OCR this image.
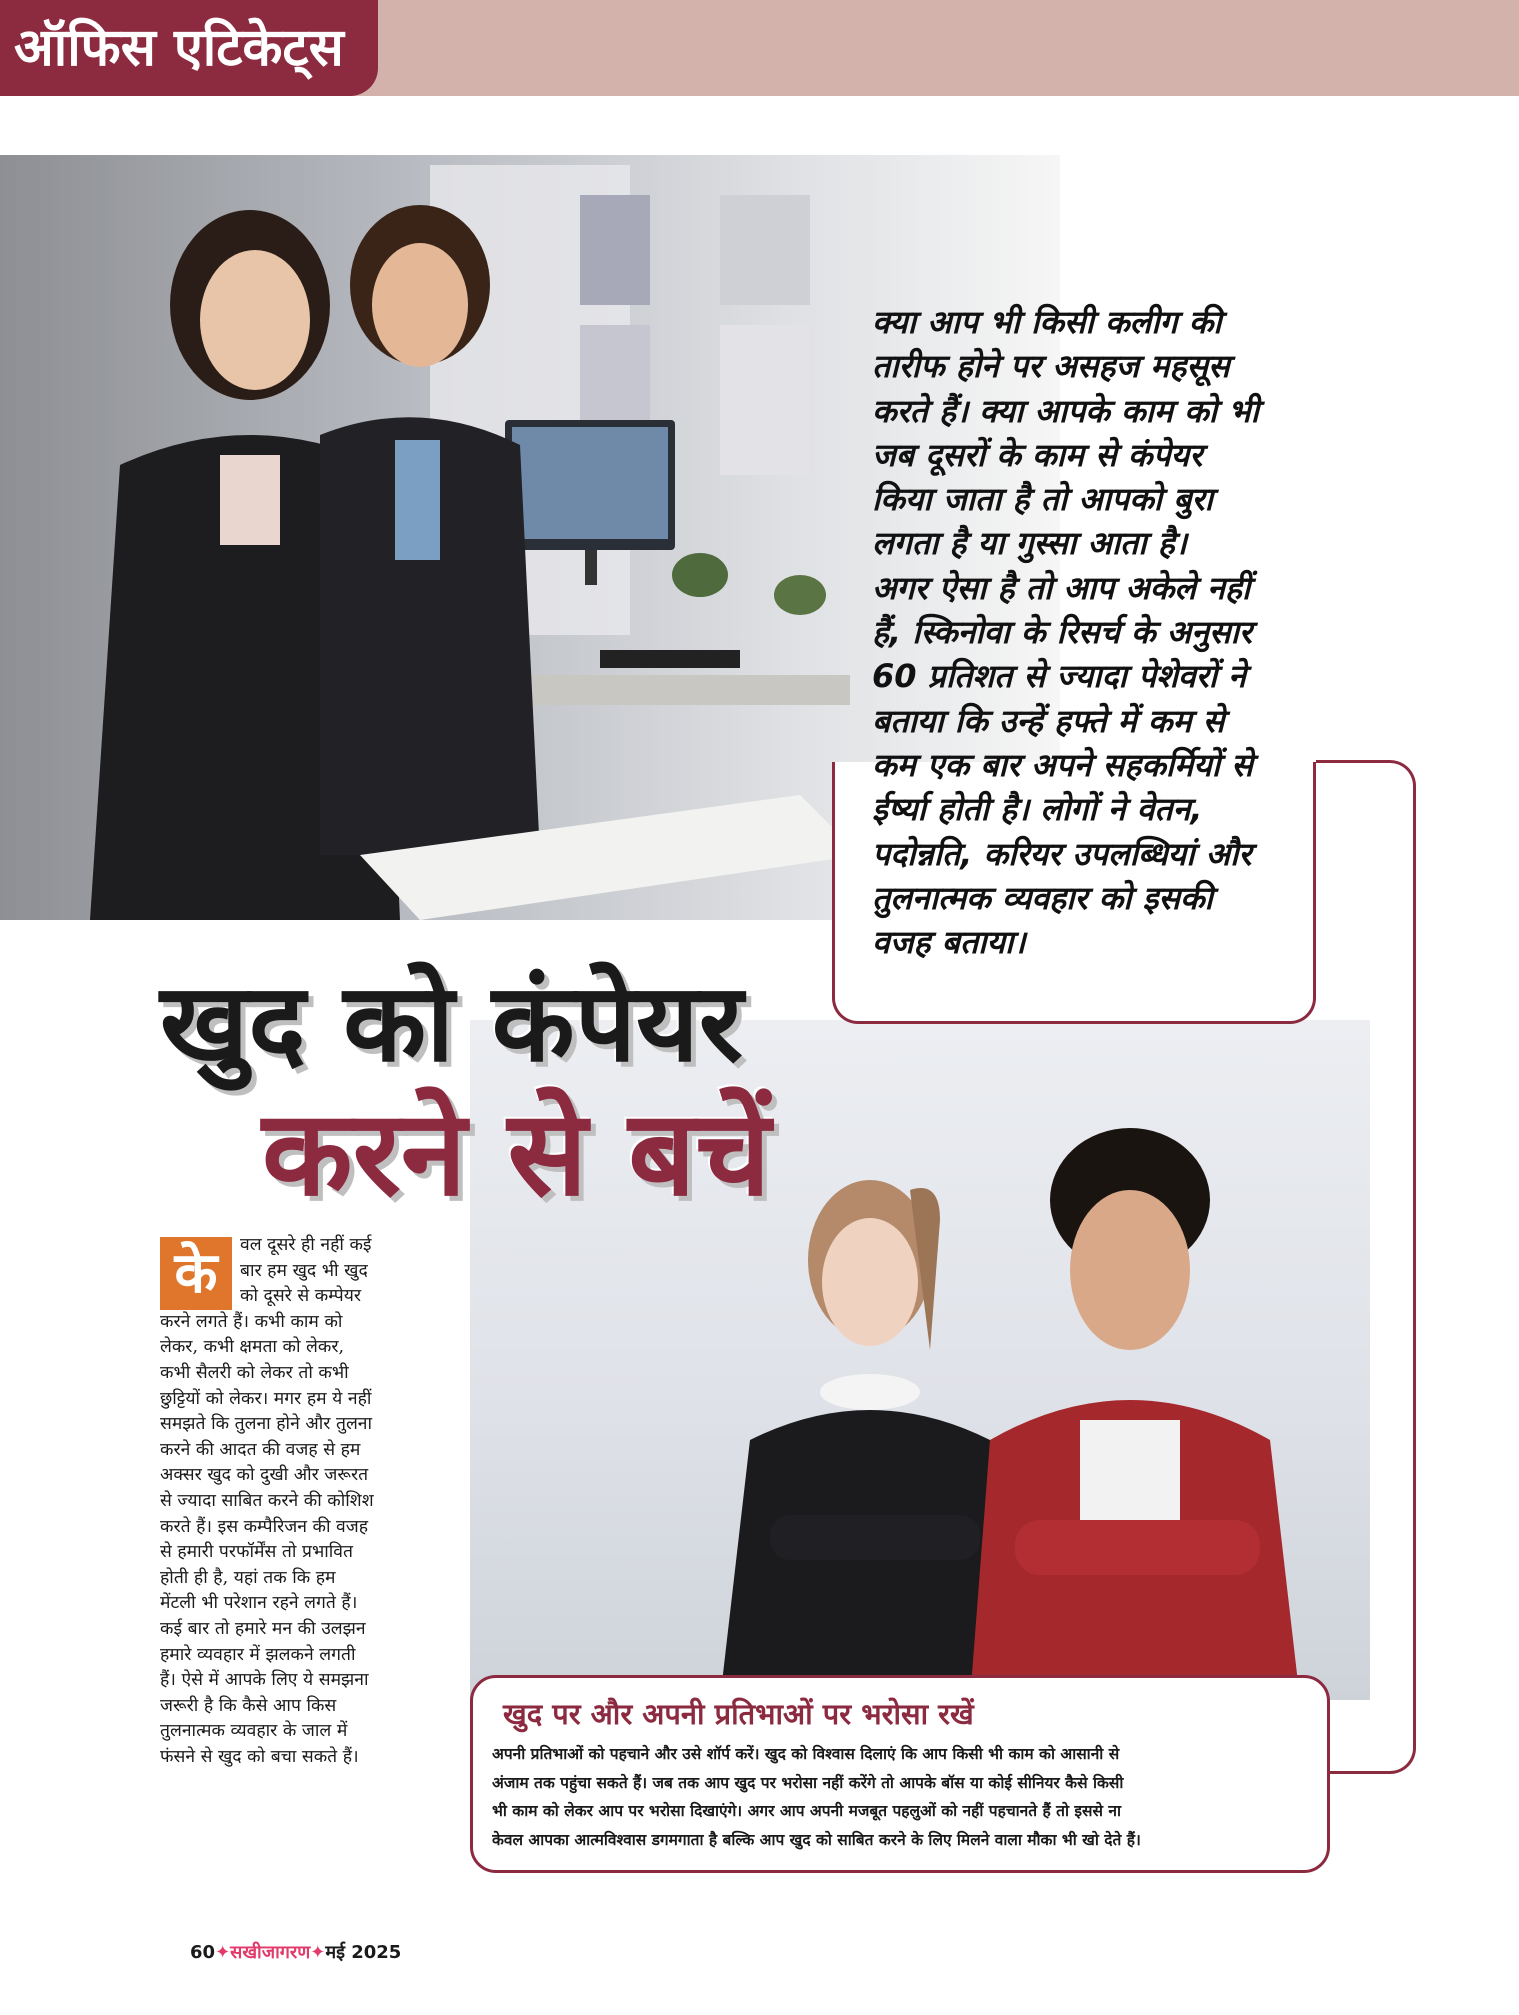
ऑफिस एटिकेट्स
क्या आप भी किसी कलीग की
तारीफ होने पर असहज महसूस
करते हैं। क्या आपके काम को भी
जब दूसरों के काम से कंपेयर
किया जाता है तो आपको बुरा
लगता है या गुस्सा आता है।
अगर ऐसा है तो आप अकेले नहीं
हैं, स्किनोवा के रिसर्च के अनुसार
60 प्रतिशत से ज्यादा पेशेवरों ने
बताया कि उन्हें हफ्ते में कम से
कम एक बार अपने सहकर्मियों से
ईर्ष्या होती है। लोगों ने वेतन,
पदोन्नति, करियर उपलब्धियां और
तुलनात्मक व्यवहार को इसकी
वजह बताया।
खुद को कंपेयर
करने से बचें
के	वल दूसरे ही नहीं कई
बार हम खुद भी खुद
को दूसरे से कम्पेयर
करने लगते हैं। कभी काम को
लेकर, कभी क्षमता को लेकर,
कभी सैलरी को लेकर तो कभी
छुट्टियों को लेकर। मगर हम ये नहीं
समझते कि तुलना होने और तुलना
करने की आदत की वजह से हम
अक्सर खुद को दुखी और जरूरत
से ज्यादा साबित करने की कोशिश
करते हैं। इस कम्पैरिजन की वजह
से हमारी परफॉर्मेंस तो प्रभावित
होती ही है, यहां तक कि हम
मेंटली भी परेशान रहने लगते हैं।
कई बार तो हमारे मन की उलझन
हमारे व्यवहार में झलकने लगती
हैं। ऐसे में आपके लिए ये समझना
जरूरी है कि कैसे आप किस
तुलनात्मक व्यवहार के जाल में
फंसने से खुद को बचा सकते हैं।
खुद पर और अपनी प्रतिभाओं पर भरोसा रखें
अपनी प्रतिभाओं को पहचाने और उसे शॉर्प करें। खुद को विश्वास दिलाएं कि आप किसी भी काम को आसानी से
अंजाम तक पहुंचा सकते हैं। जब तक आप खुद पर भरोसा नहीं करेंगे तो आपके बॉस या कोई सीनियर कैसे किसी
भी काम को लेकर आप पर भरोसा दिखाएंगे। अगर आप अपनी मजबूत पहलुओं को नहीं पहचानते हैं तो इससे ना
केवल आपका आत्मविश्वास डगमगाता है बल्कि आप खुद को साबित करने के लिए मिलने वाला मौका भी खो देते हैं।
60✦सखीजागरण✦मई 2025
